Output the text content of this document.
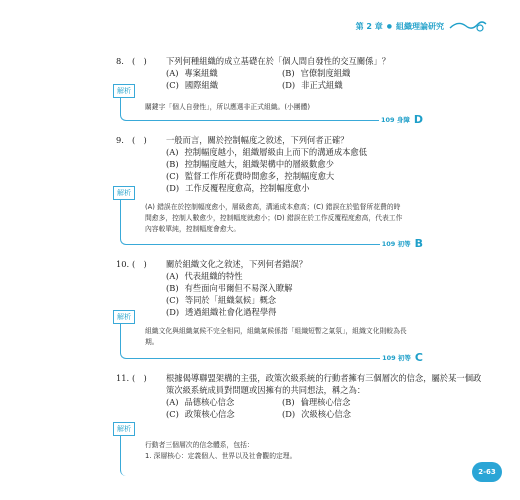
第 2 章 ● 組織理論研究
8. (　) 下列何種組織的成立基礎在於「個人間自發性的交互關係」？
(A) 專案組織	(B) 官僚制度組織
(C) 國際組織	(D) 非正式組織
解析
關鍵字「個人自發性」，所以應選非正式組織。(小團體)
109 身障 D
9. (　) 一般而言，關於控制幅度之敘述，下列何者正確？
(A) 控制幅度越小，組織層級由上而下的溝通成本愈低
(B) 控制幅度越大，組織架構中的層級數愈少
(C) 監督工作所花費時間愈多，控制幅度愈大
(D) 工作反覆程度愈高，控制幅度愈小
解析
(A) 錯誤在於控制幅度愈小，層級愈高，溝通成本愈高；(C) 錯誤在於監督所花費的時間愈多，控制人數愈少，控制幅度就愈小；(D) 錯誤在於工作反覆程度愈高，代表工作內容較單純，控制幅度會愈大。
109 初等 B
10. (　) 關於組織文化之敘述，下列何者錯誤？
(A) 代表組織的特性
(B) 有些面向弔爾但不易深入瞭解
(C) 等同於「組織氣候」概念
(D) 透過組織社會化過程學得
解析
組織文化與組織氣候不完全相同，組織氣候係指「組織短暫之氣氛」，組織文化則較為長期。
109 初等 C
11. (　) 根據偈導聯盟架構的主張，政策次級系統的行動者擁有三個層次的信念，屬於某一個政策次級系統成員對問題或因擁有的共同想法，稱之為：
(A) 品德核心信念	(B) 倫理核心信念
(C) 政策核心信念	(D) 次級核心信念
解析
行動者三個層次的信念體系，包括：
1. 深層核心：定義個人、世界以及社會觀的定理。
2-63
